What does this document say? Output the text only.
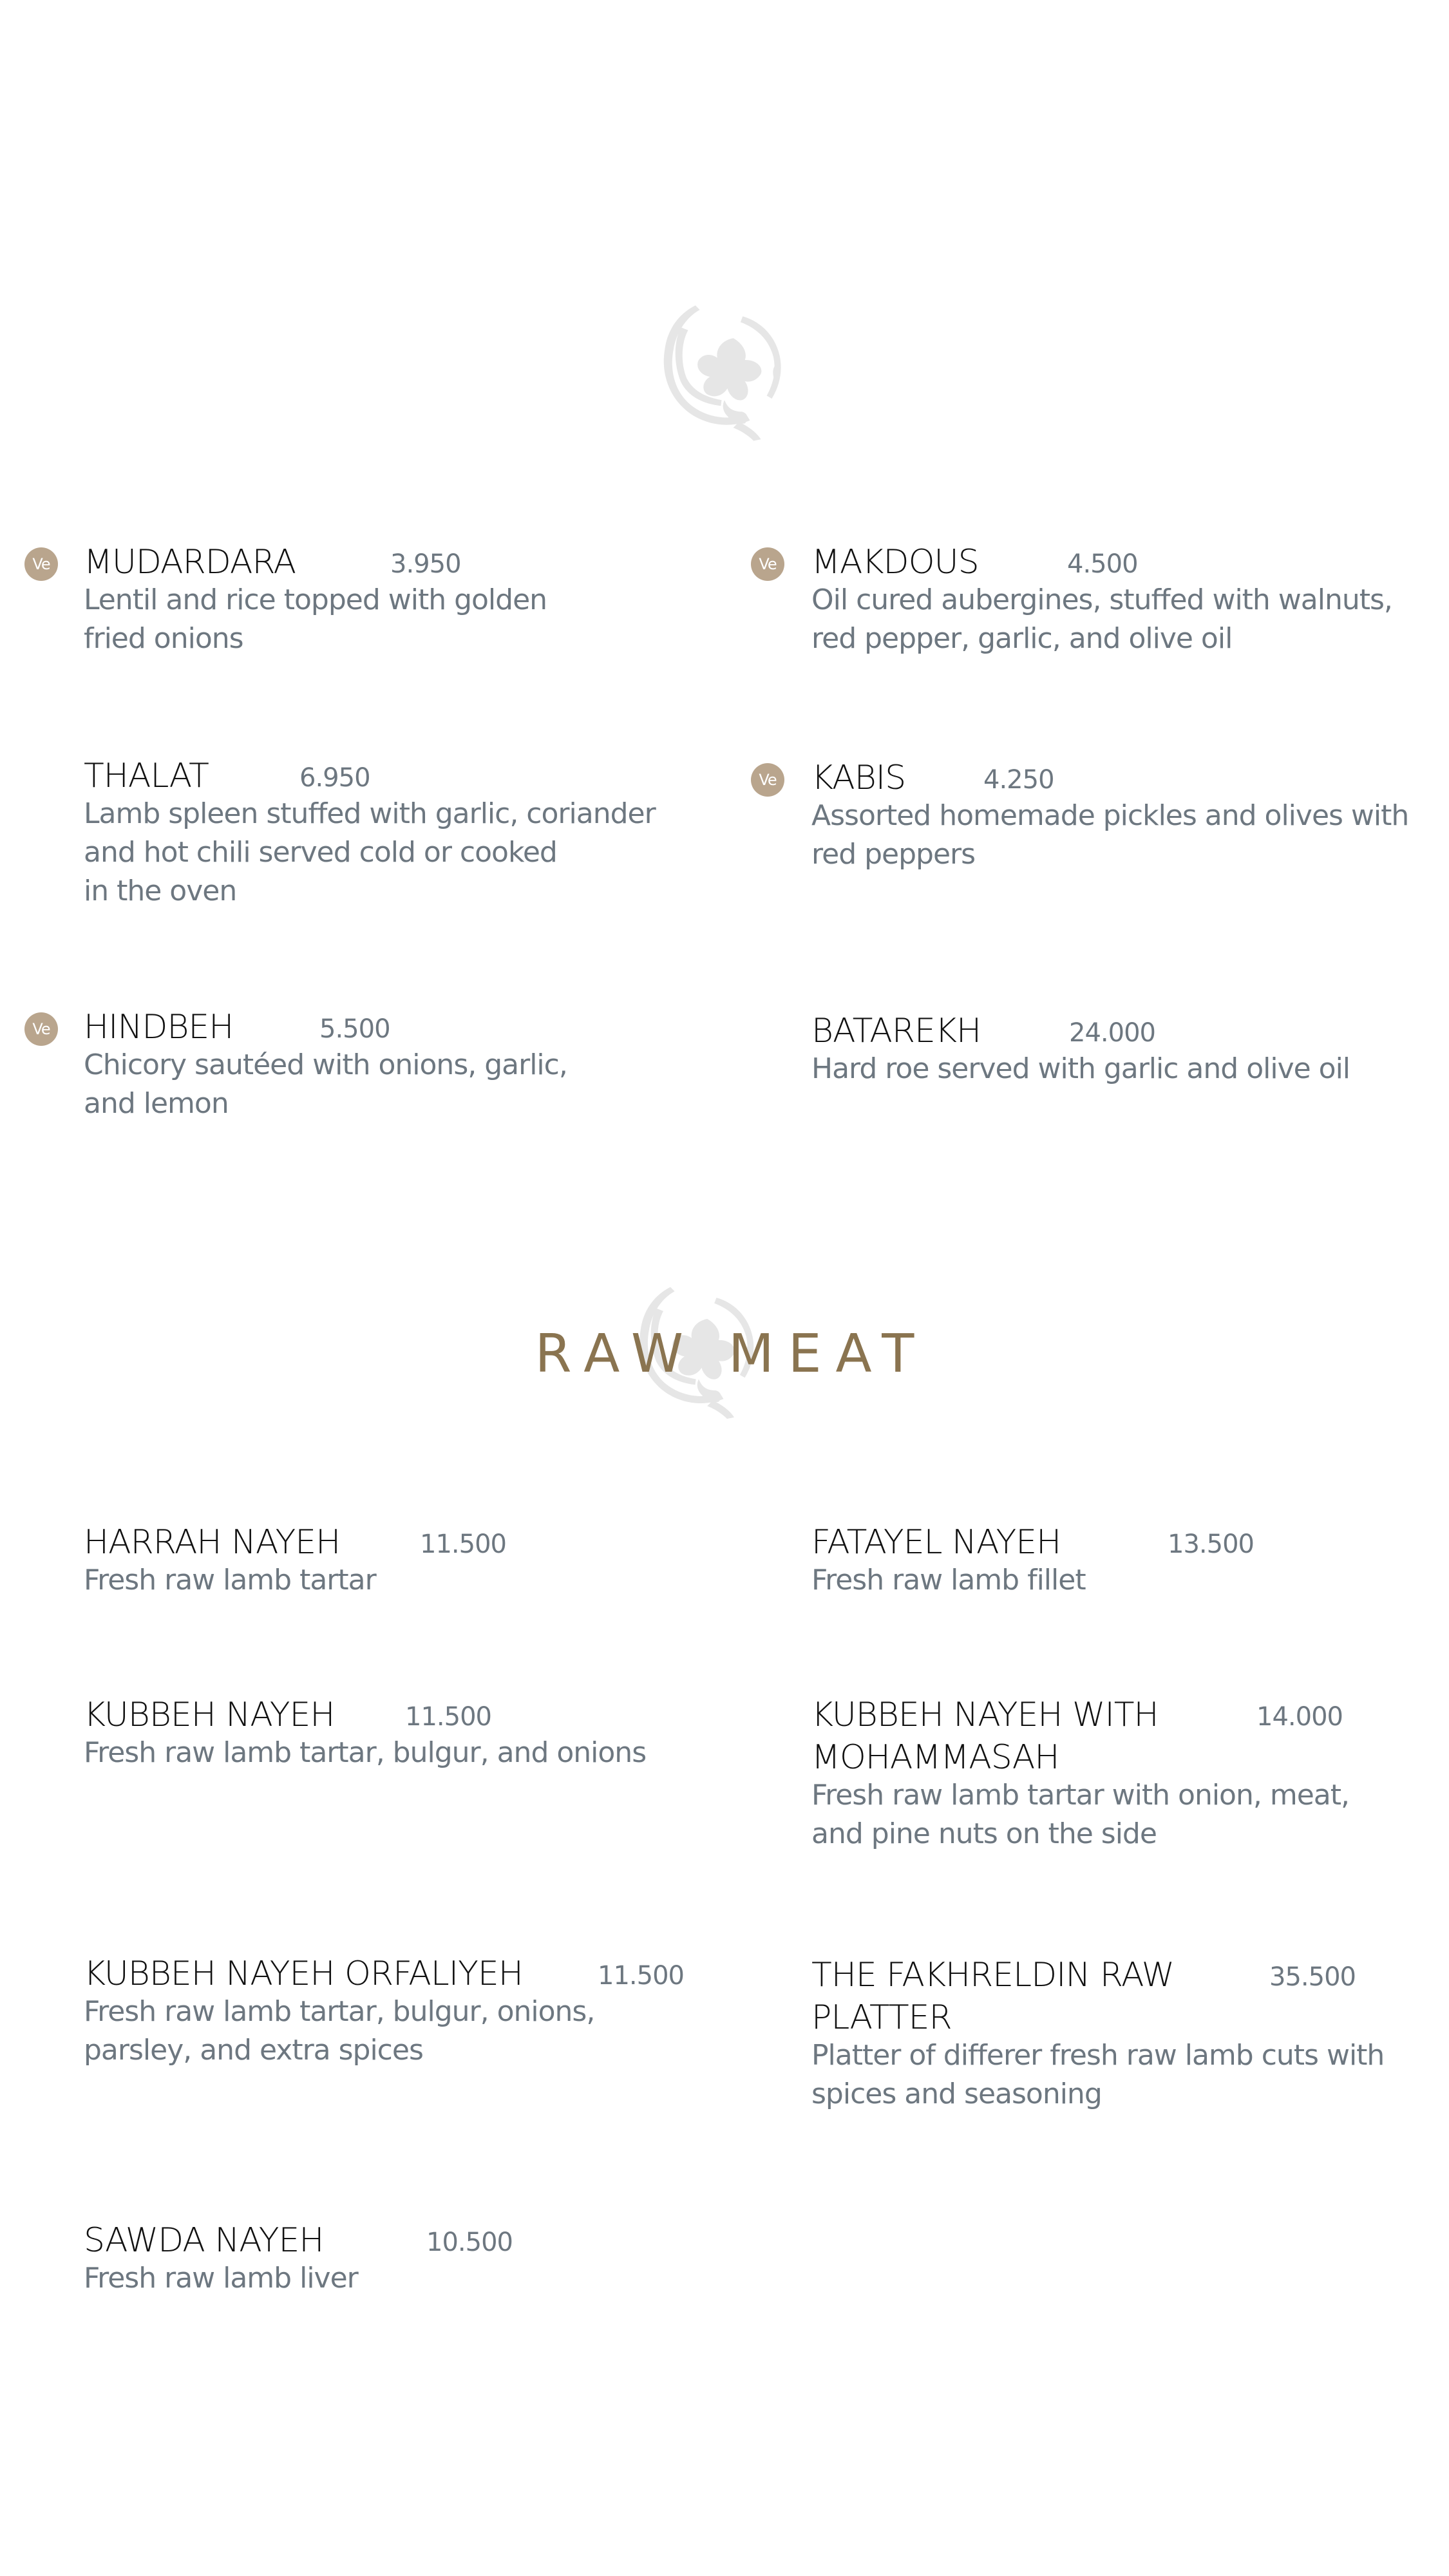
Ve MUDARDARA	3.950
Lentil and rice topped with golden
fried onions
Ve MAKDOUS	4.500
Oil cured aubergines, stuffed with walnuts,
red pepper, garlic, and olive oil
THALAT	6.950
Lamb spleen stuffed with garlic, coriander
and hot chili served cold or cooked
in the oven
Ve KABIS	4.250
Assorted homemade pickles and olives with
red peppers
Ve HINDBEH	5.500
Chicory sautéed with onions, garlic,
and lemon
BATAREKH	24.000
Hard roe served with garlic and olive oil
RAW MEAT
HARRAH NAYEH	11.500
Fresh raw lamb tartar
FATAYEL NAYEH	13.500
Fresh raw lamb fillet
KUBBEH NAYEH	11.500
Fresh raw lamb tartar, bulgur, and onions
KUBBEH NAYEH WITH
MOHAMMASAH
14.000
Fresh raw lamb tartar with onion, meat,
and pine nuts on the side
KUBBEH NAYEH ORFALIYEH	11.500
Fresh raw lamb tartar, bulgur, onions,
parsley, and extra spices
THE FAKHRELDIN RAW
PLATTER
35.500
Platter of differer fresh raw lamb cuts with
spices and seasoning
SAWDA NAYEH	10.500
Fresh raw lamb liver
